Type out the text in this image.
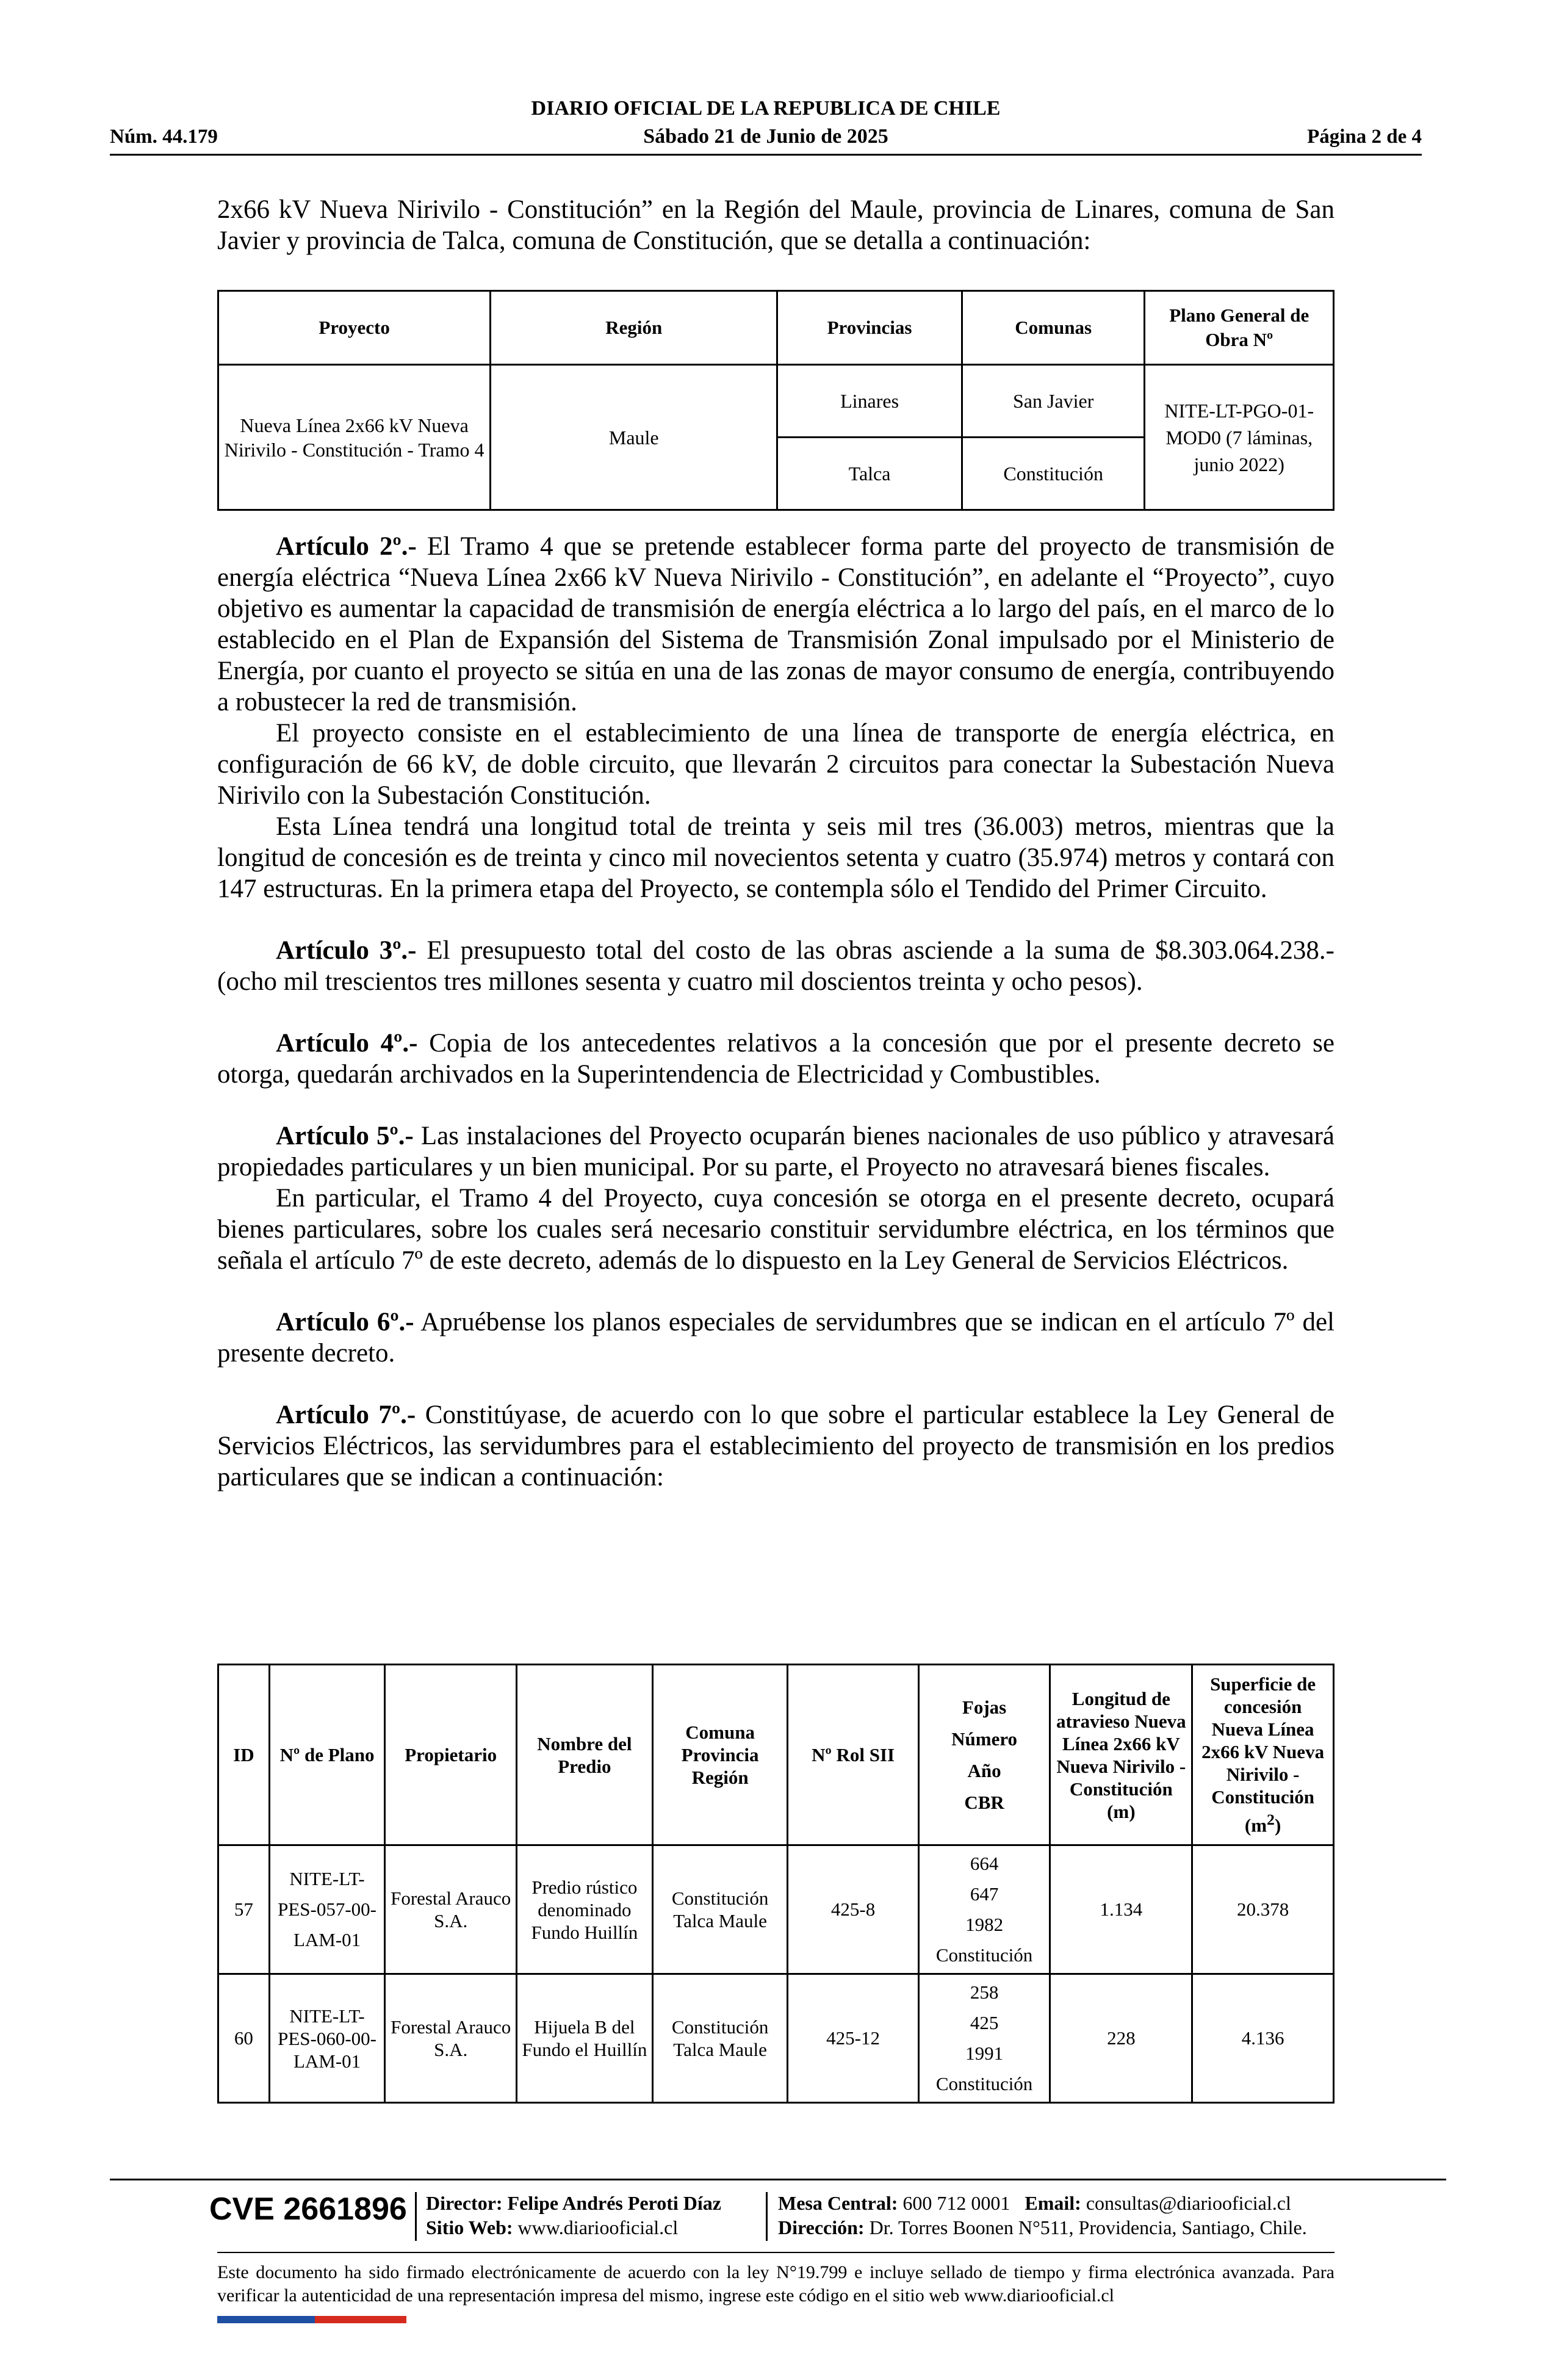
DIARIO OFICIAL DE LA REPUBLICA DE CHILE
Sábado 21 de Junio de 2025
Núm. 44.179	Página 2 de 4

2x66 kV Nueva Nirivilo - Constitución” en la Región del Maule, provincia de Linares, comuna de San Javier y provincia de Talca, comuna de Constitución, que se detalla a continuación:

Proyecto	Región	Provincias	Comunas	Plano General de Obra Nº
Nueva Línea 2x66 kV Nueva Nirivilo - Constitución - Tramo 4	Maule	Linares	San Javier	NITE-LT-PGO-01-MOD0 (7 láminas, junio 2022)
		Talca	Constitución	

Artículo 2º.- El Tramo 4 que se pretende establecer forma parte del proyecto de transmisión de energía eléctrica “Nueva Línea 2x66 kV Nueva Nirivilo - Constitución”, en adelante el “Proyecto”, cuyo objetivo es aumentar la capacidad de transmisión de energía eléctrica a lo largo del país, en el marco de lo establecido en el Plan de Expansión del Sistema de Transmisión Zonal impulsado por el Ministerio de Energía, por cuanto el proyecto se sitúa en una de las zonas de mayor consumo de energía, contribuyendo a robustecer la red de transmisión.

El proyecto consiste en el establecimiento de una línea de transporte de energía eléctrica, en configuración de 66 kV, de doble circuito, que llevarán 2 circuitos para conectar la Subestación Nueva Nirivilo con la Subestación Constitución.

Esta Línea tendrá una longitud total de treinta y seis mil tres (36.003) metros, mientras que la longitud de concesión es de treinta y cinco mil novecientos setenta y cuatro (35.974) metros y contará con 147 estructuras. En la primera etapa del Proyecto, se contempla sólo el Tendido del Primer Circuito.

Artículo 3º.- El presupuesto total del costo de las obras asciende a la suma de $8.303.064.238.- (ocho mil trescientos tres millones sesenta y cuatro mil doscientos treinta y ocho pesos).

Artículo 4º.- Copia de los antecedentes relativos a la concesión que por el presente decreto se otorga, quedarán archivados en la Superintendencia de Electricidad y Combustibles.

Artículo 5º.- Las instalaciones del Proyecto ocuparán bienes nacionales de uso público y atravesará propiedades particulares y un bien municipal. Por su parte, el Proyecto no atravesará bienes fiscales.

En particular, el Tramo 4 del Proyecto, cuya concesión se otorga en el presente decreto, ocupará bienes particulares, sobre los cuales será necesario constituir servidumbre eléctrica, en los términos que señala el artículo 7º de este decreto, además de lo dispuesto en la Ley General de Servicios Eléctricos.

Artículo 6º.- Apruébense los planos especiales de servidumbres que se indican en el artículo 7º del presente decreto.

Artículo 7º.- Constitúyase, de acuerdo con lo que sobre el particular establece la Ley General de Servicios Eléctricos, las servidumbres para el establecimiento del proyecto de transmisión en los predios particulares que se indican a continuación:

ID	Nº de Plano	Propietario	Nombre del Predio	Comuna Provincia Región	Nº Rol SII	Fojas
Número
Año
CBR	Longitud de atravieso Nueva Línea 2x66 kV Nueva Nirivilo - Constitución (m)	Superficie de concesión Nueva Línea 2x66 kV Nueva Nirivilo - Constitución $(m^2)$
57	NITE-LT-PES-057-00-LAM-01	Forestal Arauco S.A.	Predio rústico denominado Fundo Huillín	Constitución Talca Maule	425-8	664
647
1982
Constitución	1.134	20.378
60	NITE-LT-PES-060-00-LAM-01	Forestal Arauco S.A.	Hijuela B del Fundo el Huillín	Constitución Talca Maule	425-12	258
425
1991
Constitución	228	4.136
CVE 2661896 Director: Felipe Andrés Peroti Díaz
Sitio Web: www.diariooficial.cl
Mesa Central: 600 712 0001 Email: consultas@diariooficial.cl
Dirección: Dr. Torres Boonen N°511, Providencia, Santiago, Chile.
Este documento ha sido firmado electrónicamente de acuerdo con la ley N°19.799 e incluye sellado de tiempo y firma electrónica avanzada. Para verificar la autenticidad de una representación impresa del mismo, ingrese este código en el sitio web www.diariooficial.cl
